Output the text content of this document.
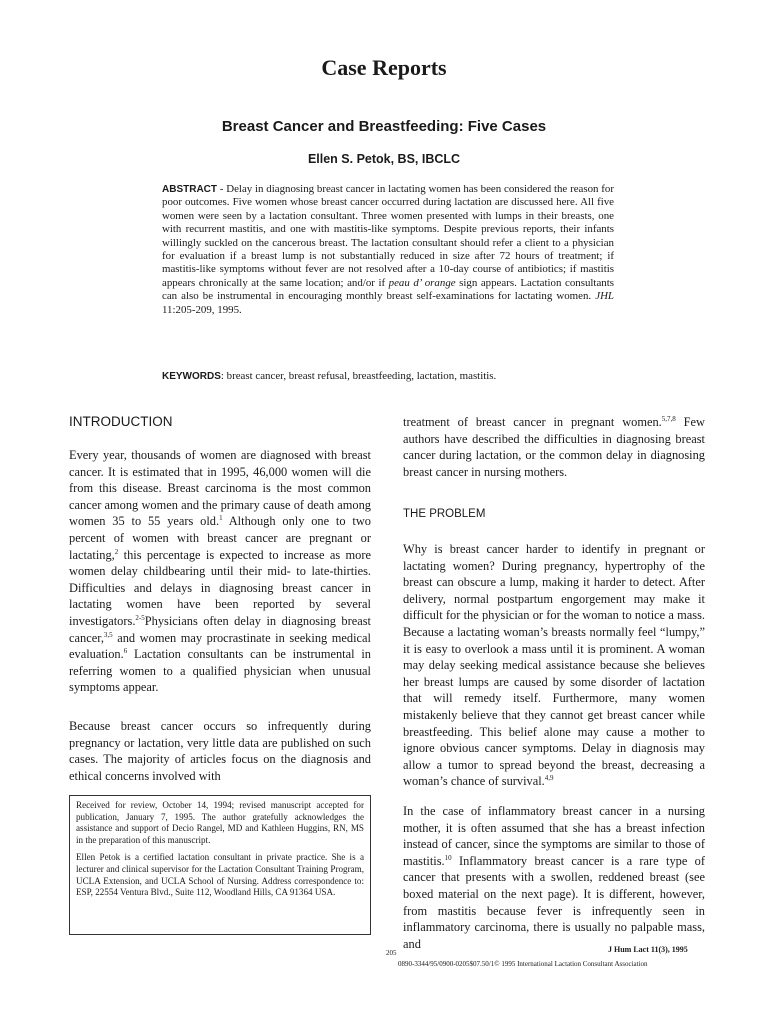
Case Reports
Breast Cancer and Breastfeeding: Five Cases
Ellen S. Petok, BS, IBCLC
ABSTRACT - Delay in diagnosing breast cancer in lactating women has been considered the reason for poor outcomes. Five women whose breast cancer occurred during lactation are discussed here. All five women were seen by a lactation consultant. Three women presented with lumps in their breasts, one with recurrent mastitis, and one with mastitis-like symptoms. Despite previous reports, their infants willingly suckled on the cancerous breast. The lactation consultant should refer a client to a physician for evaluation if a breast lump is not substantially reduced in size after 72 hours of treatment; if mastitis-like symptoms without fever are not resolved after a 10-day course of antibiotics; if mastitis appears chronically at the same location; and/or if peau d’ orange sign appears. Lactation consultants can also be instrumental in encouraging monthly breast self-examinations for lactating women. JHL 11:205-209, 1995.
KEYWORDS: breast cancer, breast refusal, breastfeeding, lactation, mastitis.
INTRODUCTION

Every year, thousands of women are diagnosed with breast cancer. It is estimated that in 1995, 46,000 women will die from this disease. Breast carcinoma is the most common cancer among women and the primary cause of death among women 35 to 55 years old.$^1$ Although only one to two percent of women with breast cancer are pregnant or lactating,$^2$ this percentage is expected to increase as more women delay childbearing until their mid- to late-thirties. Difficulties and delays in diagnosing breast cancer in lactating women have been reported by several investigators.$^{2-5}$Physicians often delay in diagnosing breast cancer,$^{3,5}$ and women may procrastinate in seeking medical evaluation.$^6$ Lactation consultants can be instrumental in referring women to a qualified physician when unusual symptoms appear.

Because breast cancer occurs so infrequently during pregnancy or lactation, very little data are published on such cases. The majority of articles focus on the diagnosis and ethical concerns involved with

Received for review, October 14, 1994; revised manuscript accepted for publication, January 7, 1995. The author gratefully acknowledges the assistance and support of Decio Rangel, MD and Kathleen Huggins, RN, MS in the preparation of this manuscript.

Ellen Petok is a certified lactation consultant in private practice. She is a lecturer and clinical supervisor for the Lactation Consultant Training Program, UCLA Extension, and UCLA School of Nursing. Address correspondence to: ESP, 22554 Ventura Blvd., Suite 112, Woodland Hills, CA 91364 USA.

treatment of breast cancer in pregnant women.$^{5,7,8}$ Few authors have described the difficulties in diagnosing breast cancer during lactation, or the common delay in diagnosing breast cancer in nursing mothers.

THE PROBLEM

Why is breast cancer harder to identify in pregnant or lactating women? During pregnancy, hypertrophy of the breast can obscure a lump, making it harder to detect. After delivery, normal postpartum engorgement may make it difficult for the physician or for the woman to notice a mass. Because a lactating woman’s breasts normally feel “lumpy,” it is easy to overlook a mass until it is prominent. A woman may delay seeking medical assistance because she believes her breast lumps are caused by some disorder of lactation that will remedy itself. Furthermore, many women mistakenly believe that they cannot get breast cancer while breastfeeding. This belief alone may cause a mother to ignore obvious cancer symptoms. Delay in diagnosis may allow a tumor to spread beyond the breast, decreasing a woman’s chance of survival.$^{4,9}$

In the case of inflammatory breast cancer in a nursing mother, it is often assumed that she has a breast infection instead of cancer, since the symptoms are similar to those of mastitis.$^{10}$ Inflammatory breast cancer is a rare type of cancer that presents with a swollen, reddened breast (see boxed material on the next page). It is different, however, from mastitis because fever is infrequently seen in inflammatory carcinoma, there is usually no palpable mass, and

205	J Hum Lact 11(3), 1995
0890-3344/95/0900-0205$07.50/1© 1995 International Lactation Consultant Association
